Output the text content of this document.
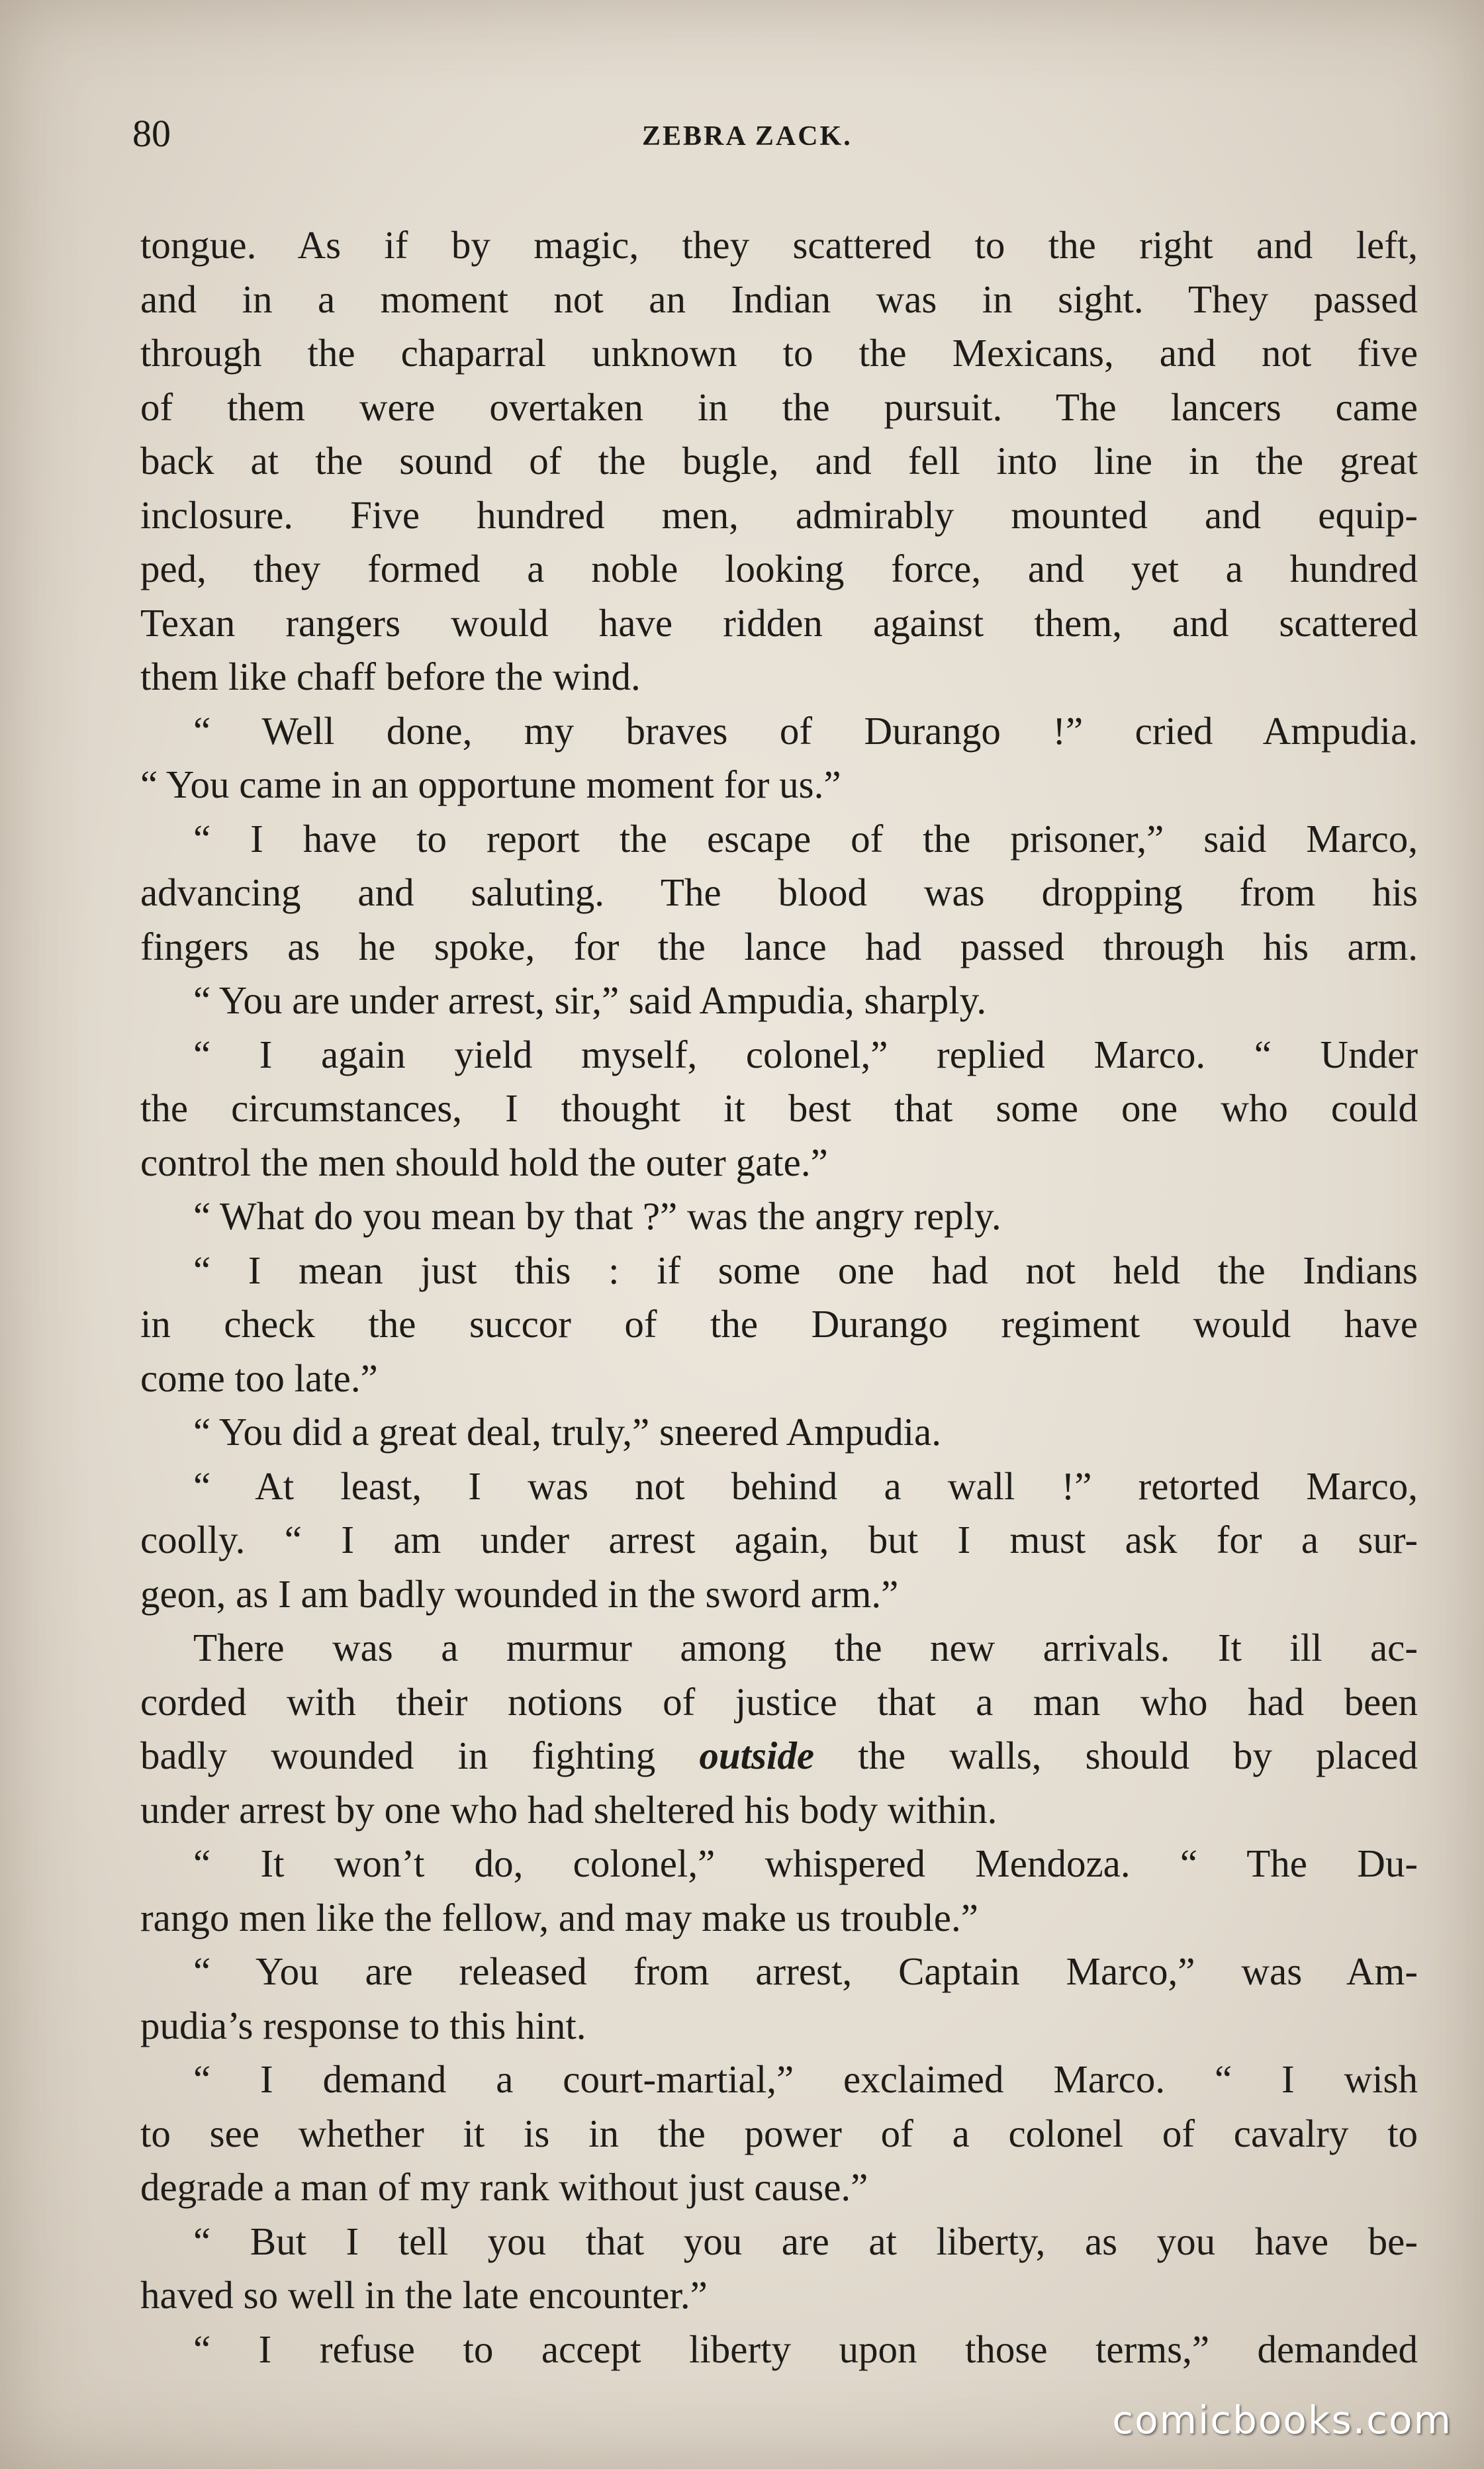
80	ZEBRA ZACK.
tongue. As if by magic, they scattered to the right and left,
and in a moment not an Indian was in sight. They passed
through the chaparral unknown to the Mexicans, and not five
of them were overtaken in the pursuit. The lancers came
back at the sound of the bugle, and fell into line in the great
inclosure. Five hundred men, admirably mounted and equip-
ped, they formed a noble looking force, and yet a hundred
Texan rangers would have ridden against them, and scattered
them like chaff before the wind.
“ Well done, my braves of Durango !” cried Ampudia.
“ You came in an opportune moment for us.”
“ I have to report the escape of the prisoner,” said Marco,
advancing and saluting. The blood was dropping from his
fingers as he spoke, for the lance had passed through his arm.
“ You are under arrest, sir,” said Ampudia, sharply.
“ I again yield myself, colonel,” replied Marco. “ Under
the circumstances, I thought it best that some one who could
control the men should hold the outer gate.”
“ What do you mean by that ?” was the angry reply.
“ I mean just this : if some one had not held the Indians
in check the succor of the Durango regiment would have
come too late.”
“ You did a great deal, truly,” sneered Ampudia.
“ At least, I was not behind a wall !” retorted Marco,
coolly. “ I am under arrest again, but I must ask for a sur-
geon, as I am badly wounded in the sword arm.”
There was a murmur among the new arrivals. It ill ac-
corded with their notions of justice that a man who had been
badly wounded in fighting outside the walls, should by placed
under arrest by one who had sheltered his body within.
“ It won’t do, colonel,” whispered Mendoza. “ The Du-
rango men like the fellow, and may make us trouble.”
“ You are released from arrest, Captain Marco,” was Am-
pudia’s response to this hint.
“ I demand a court-martial,” exclaimed Marco. “ I wish
to see whether it is in the power of a colonel of cavalry to
degrade a man of my rank without just cause.”
“ But I tell you that you are at liberty, as you have be-
haved so well in the late encounter.”
“ I refuse to accept liberty upon those terms,” demanded
comicbooks.com
